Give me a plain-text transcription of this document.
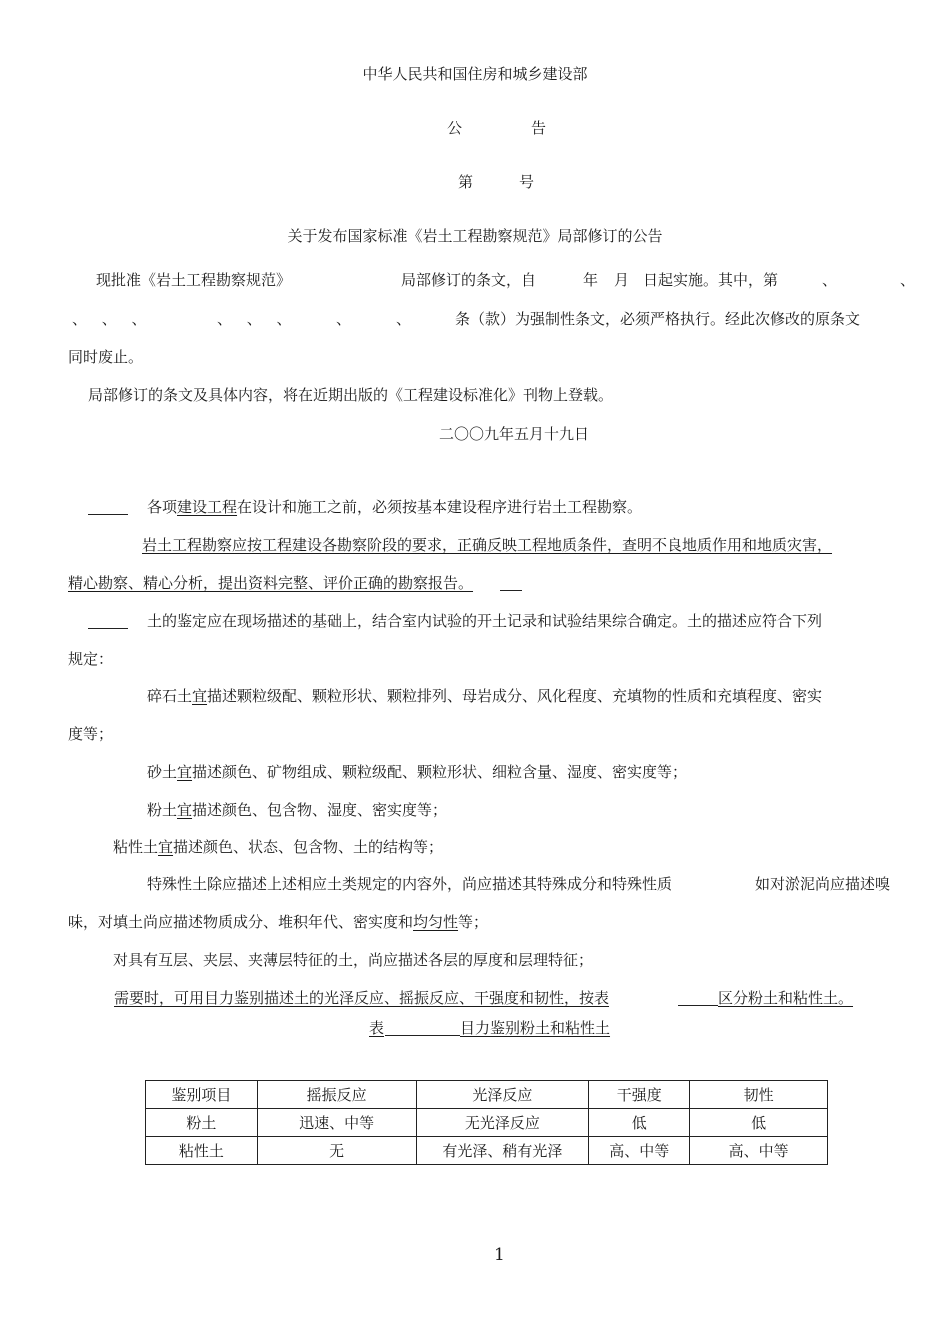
中华人民共和国住房和城乡建设部
公	告
第	号
关于发布国家标准《岩土工程勘察规范》局部修订的公告
现批准《岩土工程勘察规范》	局部修订的条文，自	年 月 日起实施。其中，第	、	、
、 、 、	、 、 、	、	、	条（款）为强制性条文，必须严格执行。经此次修改的原条文
同时废止。
局部修订的条文及具体内容，将在近期出版的《工程建设标准化》刊物上登载。
二〇〇九年五月十九日
各项建设工程在设计和施工之前，必须按基本建设程序进行岩土工程勘察。
岩土工程勘察应按工程建设各勘察阶段的要求，正确反映工程地质条件，查明不良地质作用和地质灾害，
精心勘察、精心分析，提出资料完整、评价正确的勘察报告。
土的鉴定应在现场描述的基础上，结合室内试验的开土记录和试验结果综合确定。土的描述应符合下列
规定：
碎石土宜描述颗粒级配、颗粒形状、颗粒排列、母岩成分、风化程度、充填物的性质和充填程度、密实
度等；
砂土宜描述颜色、矿物组成、颗粒级配、颗粒形状、细粒含量、湿度、密实度等；
粉土宜描述颜色、包含物、湿度、密实度等；
粘性土宜描述颜色、状态、包含物、土的结构等；
特殊性土除应描述上述相应土类规定的内容外，尚应描述其特殊成分和特殊性质	如对淤泥尚应描述嗅
味，对填土尚应描述物质成分、堆积年代、密实度和均匀性等；
对具有互层、夹层、夹薄层特征的土，尚应描述各层的厚度和层理特征；
需要时，可用目力鉴别描述土的光泽反应、摇振反应、干强度和韧性，按表	区分粉土和粘性土。
表	目力鉴别粉土和粘性土
鉴别项目	摇振反应	光泽反应	干强度	韧性
粉土	迅速、中等	无光泽反应	低	低
粘性土	无	有光泽、稍有光泽	高、中等	高、中等
1
